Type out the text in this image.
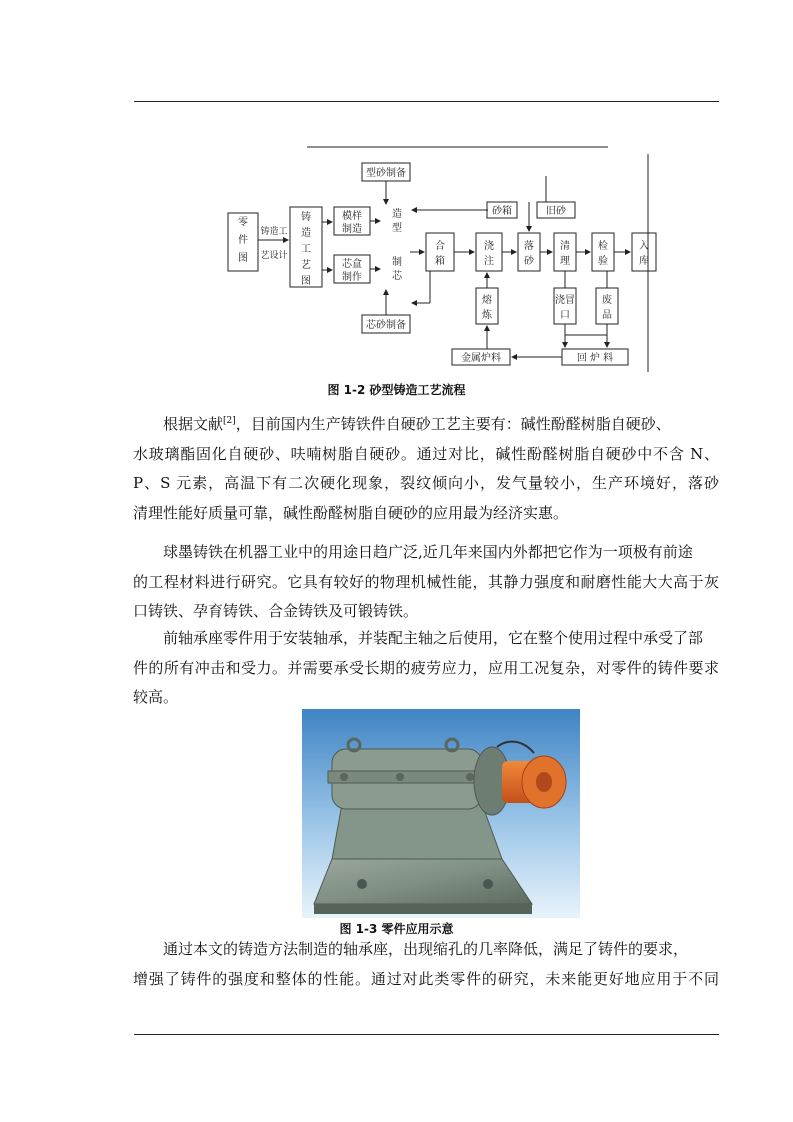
零
件
图
铸造工
艺设计
铸
造
工
艺
图
模样
制造
芯盒
制作
型砂制备
芯砂制备
造
型
制
芯
合
箱
浇
注
砂箱	旧砂
落
砂
清
理
检
验
入
库
熔
炼
浇冒
口
废
品
金属炉料	回 炉 料
图 1-2 砂型铸造工艺流程
根据文献[2]，目前国内生产铸铁件自硬砂工艺主要有：碱性酚醛树脂自硬砂、
水玻璃酯固化自硬砂、呋喃树脂自硬砂。通过对比，碱性酚醛树脂自硬砂中不含 N、
P、S 元素，高温下有二次硬化现象，裂纹倾向小，发气量较小，生产环境好，落砂
清理性能好质量可靠，碱性酚醛树脂自硬砂的应用最为经济实惠。
球墨铸铁在机器工业中的用途日趋广泛,近几年来国内外都把它作为一项极有前途
的工程材料进行研究。它具有较好的物理机械性能，其静力强度和耐磨性能大大高于灰
口铸铁、孕育铸铁、合金铸铁及可锻铸铁。
前轴承座零件用于安装轴承，并装配主轴之后使用，它在整个使用过程中承受了部
件的所有冲击和受力。并需要承受长期的疲劳应力，应用工况复杂，对零件的铸件要求
较高。
图 1-3 零件应用示意
通过本文的铸造方法制造的轴承座，出现缩孔的几率降低，满足了铸件的要求，
增强了铸件的强度和整体的性能。通过对此类零件的研究，未来能更好地应用于不同
